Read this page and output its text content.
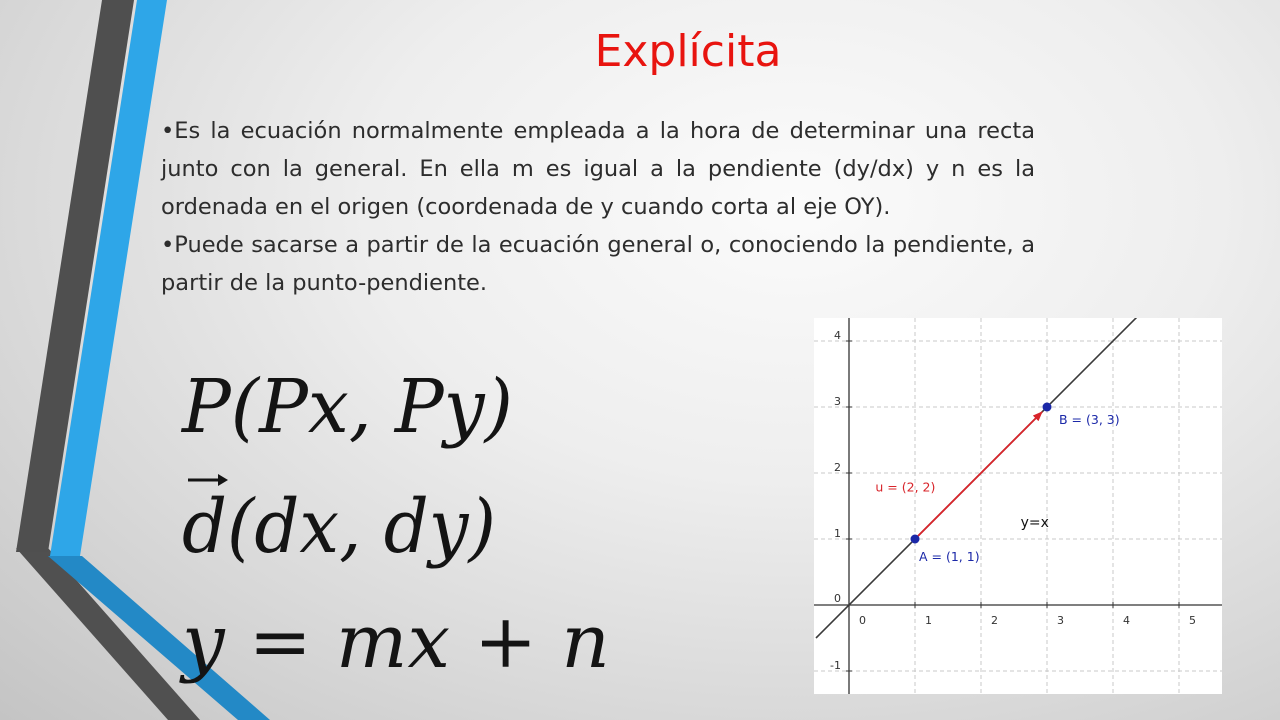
Explícita
• Es la ecuación normalmente empleada a la hora de determinar una recta junto con la general. En ella m es igual a la pendiente (dy/dx) y n es la ordenada en el origen (coordenada de y cuando corta al eje OY).
• Puede sacarse a partir de la ecuación general o, conociendo la pendiente, a partir de la punto-pendiente.
P(Px, Py)
d(dx, dy)
y = mx + n	0	1	2	3	4	5
-1
0
1
2
3
4
y=x
u = (2, 2)
A = (1, 1)
B = (3, 3)
